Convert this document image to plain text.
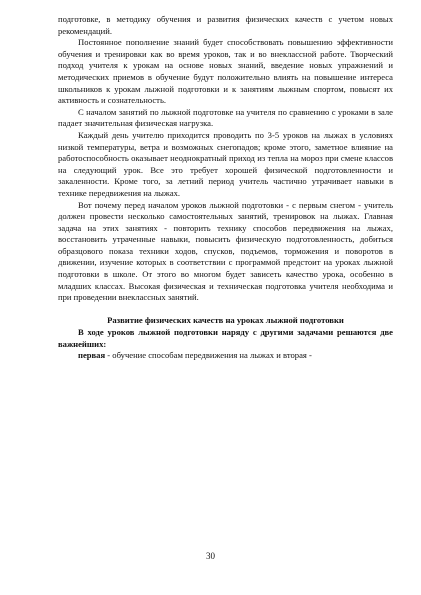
подготовке, в методику обучения и развития физических качеств с учетом новых рекомендаций.

Постоянное пополнение знаний будет способствовать повышению эффективности обучения и тренировки как во время уроков, так и во внеклассной работе. Творческий подход учителя к урокам на основе новых знаний, введение новых упражнений и методических приемов в обучение будут положительно влиять на повышение интереса школьников к урокам лыжной подготовки и к занятиям лыжным спортом, повысят их активность и сознательность.

С началом занятий по лыжной подготовке на учителя по сравнению с уроками в зале падает значительная физическая нагрузка.

Каждый день учителю приходится проводить по 3-5 уроков на лыжах в условиях низкой температуры, ветра и возможных снегопадов; кроме этого, заметное влияние на работоспособность оказывает неоднократный приход из тепла на мороз при смене классов на следующий урок. Все это требует хорошей физической подготовленности и закаленности. Кроме того, за летний период учитель частично утрачивает навыки в технике передвижения на лыжах.

Вот почему перед началом уроков лыжной подготовки - с первым снегом - учитель должен провести несколько самостоятельных занятий, тренировок на лыжах. Главная задача на этих занятиях - повторить технику способов передвижения на лыжах, восстановить утраченные навыки, повысить физическую подготовленность, добиться образцового показа техники ходов, спусков, подъемов, торможения и поворотов в движении, изучение которых в соответствии с программой предстоит на уроках лыжной подготовки в школе. От этого во многом будет зависеть качество урока, особенно в младших классах. Высокая физическая и техническая подготовка учителя необходима и при проведении внеклассных занятий.

Развитие физических качеств на уроках лыжной подготовки

В ходе уроков лыжной подготовки наряду с другими задачами решаются две важнейших:

первая - обучение способам передвижения на лыжах и вторая -

30
